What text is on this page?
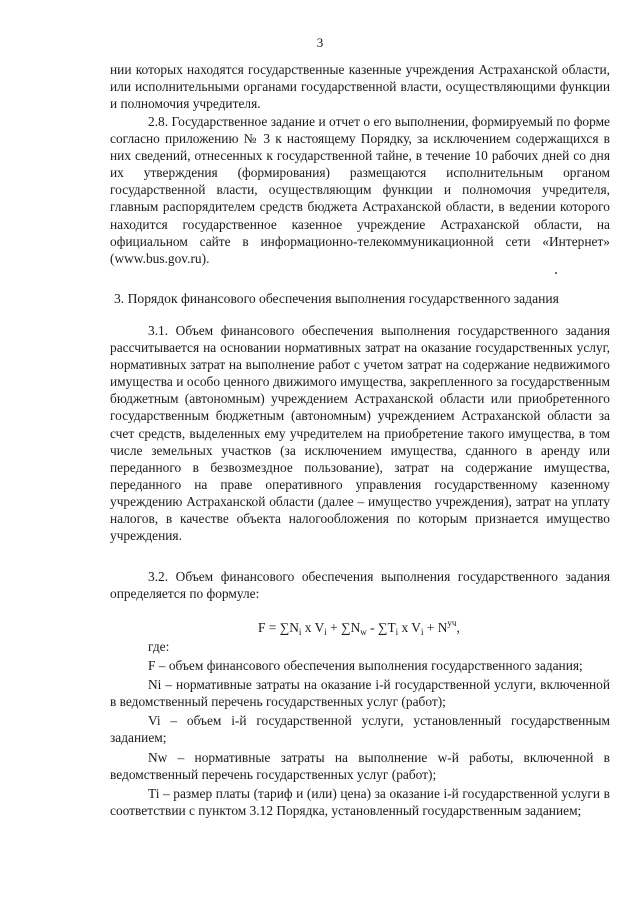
3

нии которых находятся государственные казенные учреждения Астраханской области, или исполнительными органами государственной власти, осуществляющими функции и полномочия учредителя.

2.8. Государственное задание и отчет о его выполнении, формируемый по форме согласно приложению № 3 к настоящему Порядку, за исключением содержащихся в них сведений, отнесенных к государственной тайне, в течение 10 рабочих дней со дня их утверждения (формирования) размещаются исполнительным органом государственной власти, осуществляющим функции и полномочия учредителя, главным распорядителем средств бюджета Астраханской области, в ведении которого находится государственное казенное учреждение Астраханской области, на официальном сайте в информационно-телекоммуникационной сети «Интернет» (www.bus.gov.ru).

3. Порядок финансового обеспечения выполнения государственного задания

3.1. Объем финансового обеспечения выполнения государственного задания рассчитывается на основании нормативных затрат на оказание государственных услуг, нормативных затрат на выполнение работ с учетом затрат на содержание недвижимого имущества и особо ценного движимого имущества, закрепленного за государственным бюджетным (автономным) учреждением Астраханской области или приобретенного государственным бюджетным (автономным) учреждением Астраханской области за счет средств, выделенных ему учредителем на приобретение такого имущества, в том числе земельных участков (за исключением имущества, сданного в аренду или переданного в безвозмездное пользование), затрат на содержание имущества, переданного на праве оперативного управления государственному казенному учреждению Астраханской области (далее – имущество учреждения), затрат на уплату налогов, в качестве объекта налогообложения по которым признается имущество учреждения.

3.2. Объем финансового обеспечения выполнения государственного задания определяется по формуле:

$F = \sum N_i$ x $V_i + \sum N_w - \sum T_i$ x $V_i + N^{уч}$,

где:

F – объем финансового обеспечения выполнения государственного задания;

Ni – нормативные затраты на оказание i-й государственной услуги, включенной в ведомственный перечень государственных услуг (работ);

Vi – объем i-й государственной услуги, установленный государственным заданием;

Nw – нормативные затраты на выполнение w-й работы, включенной в ведомственный перечень государственных услуг (работ);

Ti – размер платы (тариф и (или) цена) за оказание i-й государственной услуги в соответствии с пунктом 3.12 Порядка, установленный государственным заданием;
